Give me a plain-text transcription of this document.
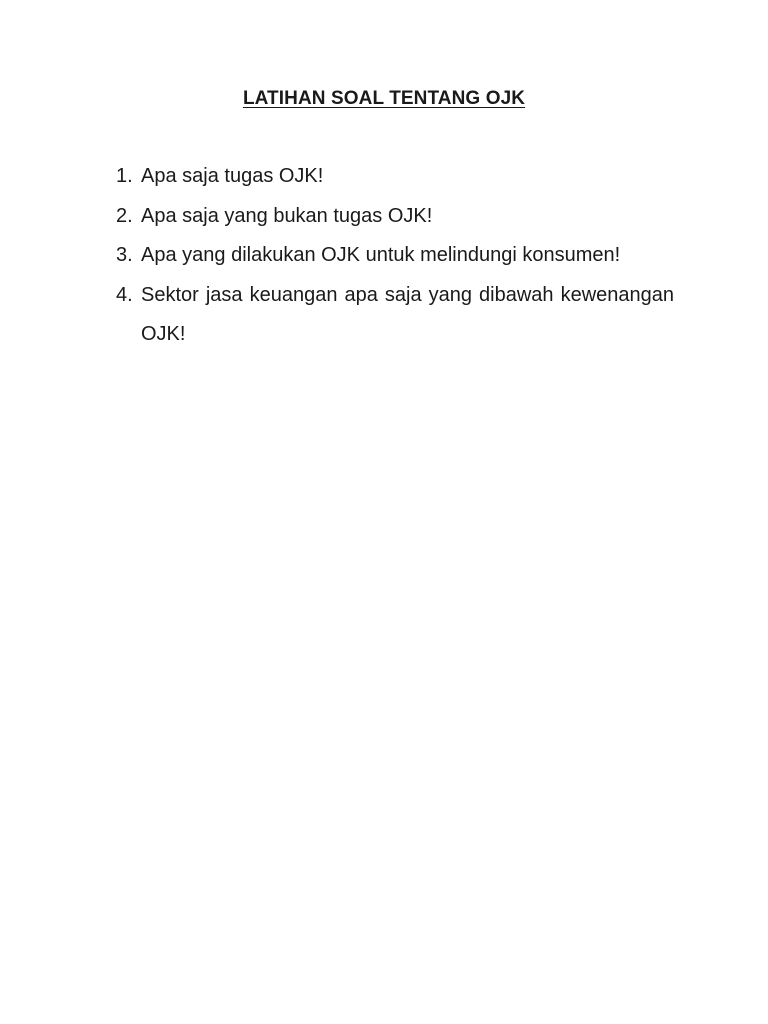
LATIHAN SOAL TENTANG OJK
1. Apa saja tugas OJK!
2. Apa saja yang bukan tugas OJK!
3. Apa yang dilakukan OJK untuk melindungi konsumen!
4. Sektor jasa keuangan apa saja yang dibawah kewenangan OJK!
